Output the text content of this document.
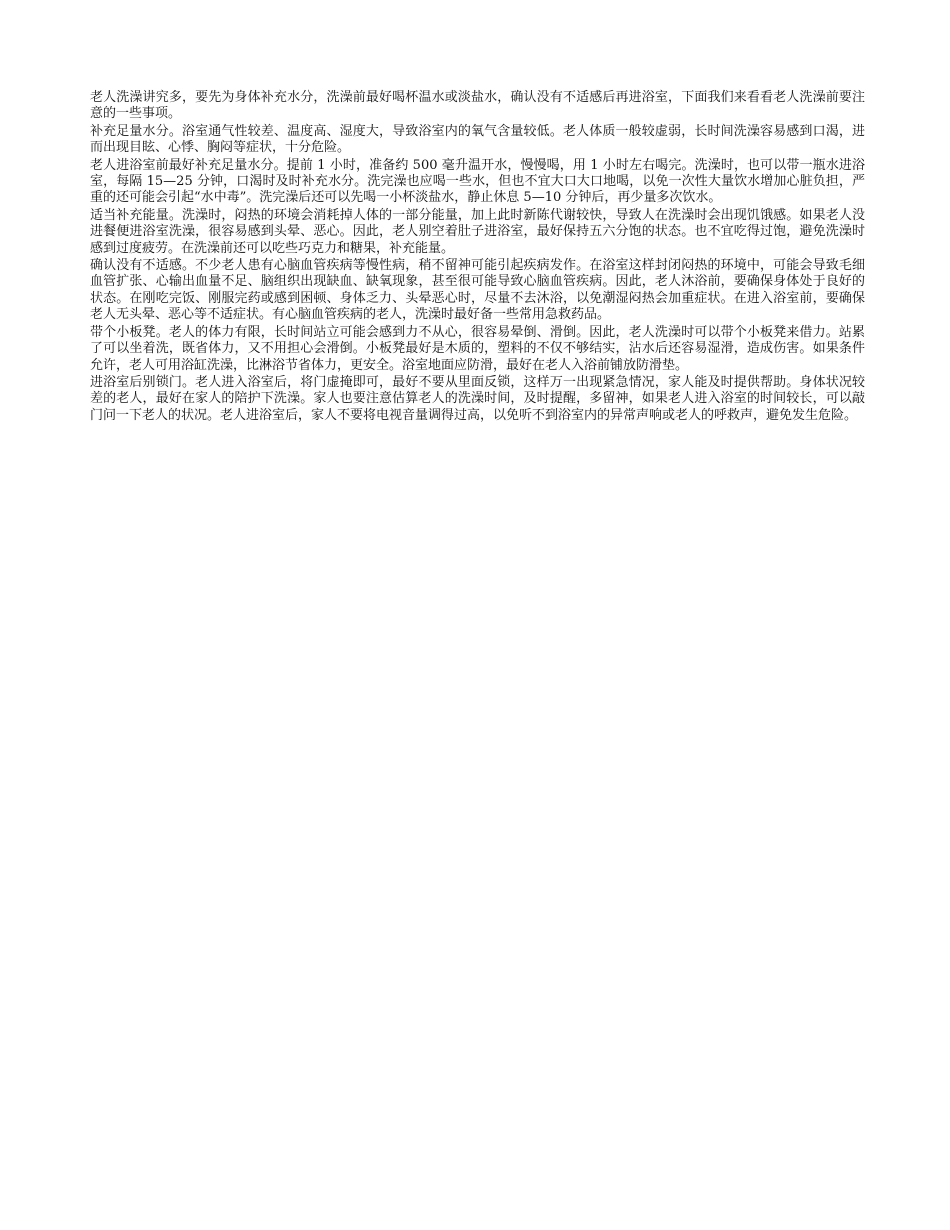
老人洗澡讲究多，要先为身体补充水分，洗澡前最好喝杯温水或淡盐水，确认没有不适感后再进浴室，下面我们来看看老人洗澡前要注意的一些事项。

补充足量水分。浴室通气性较差、温度高、湿度大，导致浴室内的氧气含量较低。老人体质一般较虚弱，长时间洗澡容易感到口渴，进而出现目眩、心悸、胸闷等症状，十分危险。

老人进浴室前最好补充足量水分。提前 1 小时，准备约 500 毫升温开水，慢慢喝，用 1 小时左右喝完。洗澡时，也可以带一瓶水进浴室，每隔 15—25 分钟，口渴时及时补充水分。洗完澡也应喝一些水，但也不宜大口大口地喝，以免一次性大量饮水增加心脏负担，严重的还可能会引起“水中毒”。洗完澡后还可以先喝一小杯淡盐水，静止休息 5—10 分钟后，再少量多次饮水。

适当补充能量。洗澡时，闷热的环境会消耗掉人体的一部分能量，加上此时新陈代谢较快，导致人在洗澡时会出现饥饿感。如果老人没进餐便进浴室洗澡，很容易感到头晕、恶心。因此，老人别空着肚子进浴室，最好保持五六分饱的状态。也不宜吃得过饱，避免洗澡时感到过度疲劳。在洗澡前还可以吃些巧克力和糖果，补充能量。

确认没有不适感。不少老人患有心脑血管疾病等慢性病，稍不留神可能引起疾病发作。在浴室这样封闭闷热的环境中，可能会导致毛细血管扩张、心输出血量不足、脑组织出现缺血、缺氧现象，甚至很可能导致心脑血管疾病。因此，老人沐浴前，要确保身体处于良好的状态。在刚吃完饭、刚服完药或感到困顿、身体乏力、头晕恶心时，尽量不去沐浴，以免潮湿闷热会加重症状。在进入浴室前，要确保老人无头晕、恶心等不适症状。有心脑血管疾病的老人，洗澡时最好备一些常用急救药品。

带个小板凳。老人的体力有限，长时间站立可能会感到力不从心，很容易晕倒、滑倒。因此，老人洗澡时可以带个小板凳来借力。站累了可以坐着洗，既省体力，又不用担心会滑倒。小板凳最好是木质的，塑料的不仅不够结实，沾水后还容易湿滑，造成伤害。如果条件允许，老人可用浴缸洗澡，比淋浴节省体力，更安全。浴室地面应防滑，最好在老人入浴前铺放防滑垫。

进浴室后别锁门。老人进入浴室后，将门虚掩即可，最好不要从里面反锁，这样万一出现紧急情况，家人能及时提供帮助。身体状况较差的老人，最好在家人的陪护下洗澡。家人也要注意估算老人的洗澡时间，及时提醒，多留神，如果老人进入浴室的时间较长，可以敲门问一下老人的状况。老人进浴室后，家人不要将电视音量调得过高，以免听不到浴室内的异常声响或老人的呼救声，避免发生危险。
